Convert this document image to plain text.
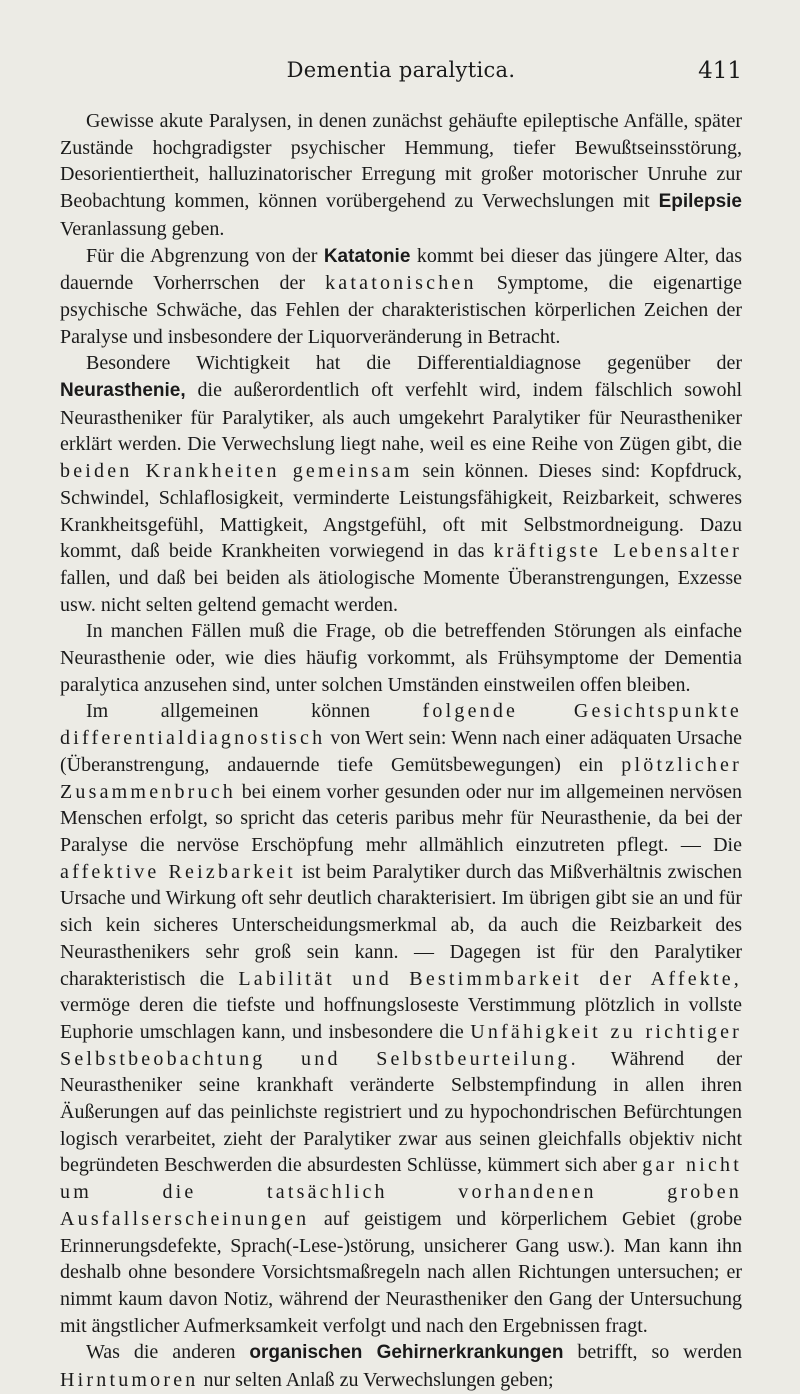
Dementia paralytica.	411

Gewisse akute Paralysen, in denen zunächst gehäufte epileptische Anfälle, später Zustände hochgradigster psychischer Hemmung, tiefer Bewußtseinsstörung, Desorientiertheit, halluzinatorischer Erregung mit großer motorischer Unruhe zur Beobachtung kommen, können vorübergehend zu Verwechslungen mit Epilepsie Veranlassung geben.

Für die Abgrenzung von der Katatonie kommt bei dieser das jüngere Alter, das dauernde Vorherrschen der katatonischen Symptome, die eigenartige psychische Schwäche, das Fehlen der charakteristischen körperlichen Zeichen der Paralyse und insbesondere der Liquorveränderung in Betracht.

Besondere Wichtigkeit hat die Differentialdiagnose gegenüber der Neurasthenie, die außerordentlich oft verfehlt wird, indem fälschlich sowohl Neurastheniker für Paralytiker, als auch umgekehrt Paralytiker für Neurastheniker erklärt werden. Die Verwechslung liegt nahe, weil es eine Reihe von Zügen gibt, die beiden Krankheiten gemeinsam sein können. Dieses sind: Kopfdruck, Schwindel, Schlaflosigkeit, verminderte Leistungsfähigkeit, Reizbarkeit, schweres Krankheitsgefühl, Mattigkeit, Angstgefühl, oft mit Selbstmordneigung. Dazu kommt, daß beide Krankheiten vorwiegend in das kräftigste Lebensalter fallen, und daß bei beiden als ätiologische Momente Überanstrengungen, Exzesse usw. nicht selten geltend gemacht werden.

In manchen Fällen muß die Frage, ob die betreffenden Störungen als einfache Neurasthenie oder, wie dies häufig vorkommt, als Frühsymptome der Dementia paralytica anzusehen sind, unter solchen Umständen einstweilen offen bleiben.

Im allgemeinen können folgende Gesichtspunkte differentialdiagnostisch von Wert sein: Wenn nach einer adäquaten Ursache (Überanstrengung, andauernde tiefe Gemütsbewegungen) ein plötzlicher Zusammenbruch bei einem vorher gesunden oder nur im allgemeinen nervösen Menschen erfolgt, so spricht das ceteris paribus mehr für Neurasthenie, da bei der Paralyse die nervöse Erschöpfung mehr allmählich einzutreten pflegt. — Die affektive Reizbarkeit ist beim Paralytiker durch das Mißverhältnis zwischen Ursache und Wirkung oft sehr deutlich charakterisiert. Im übrigen gibt sie an und für sich kein sicheres Unterscheidungsmerkmal ab, da auch die Reizbarkeit des Neurasthenikers sehr groß sein kann. — Dagegen ist für den Paralytiker charakteristisch die Labilität und Bestimmbarkeit der Affekte, vermöge deren die tiefste und hoffnungsloseste Verstimmung plötzlich in vollste Euphorie umschlagen kann, und insbesondere die Unfähigkeit zu richtiger Selbstbeobachtung und Selbstbeurteilung. Während der Neurastheniker seine krankhaft veränderte Selbstempfindung in allen ihren Äußerungen auf das peinlichste registriert und zu hypochondrischen Befürchtungen logisch verarbeitet, zieht der Paralytiker zwar aus seinen gleichfalls objektiv nicht begründeten Beschwerden die absurdesten Schlüsse, kümmert sich aber gar nicht um die tatsächlich vorhandenen groben Ausfallserscheinungen auf geistigem und körperlichem Gebiet (grobe Erinnerungsdefekte, Sprach(-Lese-)störung, unsicherer Gang usw.). Man kann ihn deshalb ohne besondere Vorsichtsmaßregeln nach allen Richtungen untersuchen; er nimmt kaum davon Notiz, während der Neurastheniker den Gang der Untersuchung mit ängstlicher Aufmerksamkeit verfolgt und nach den Ergebnissen fragt.

Was die anderen organischen Gehirnerkrankungen betrifft, so werden Hirntumoren nur selten Anlaß zu Verwechslungen geben;
